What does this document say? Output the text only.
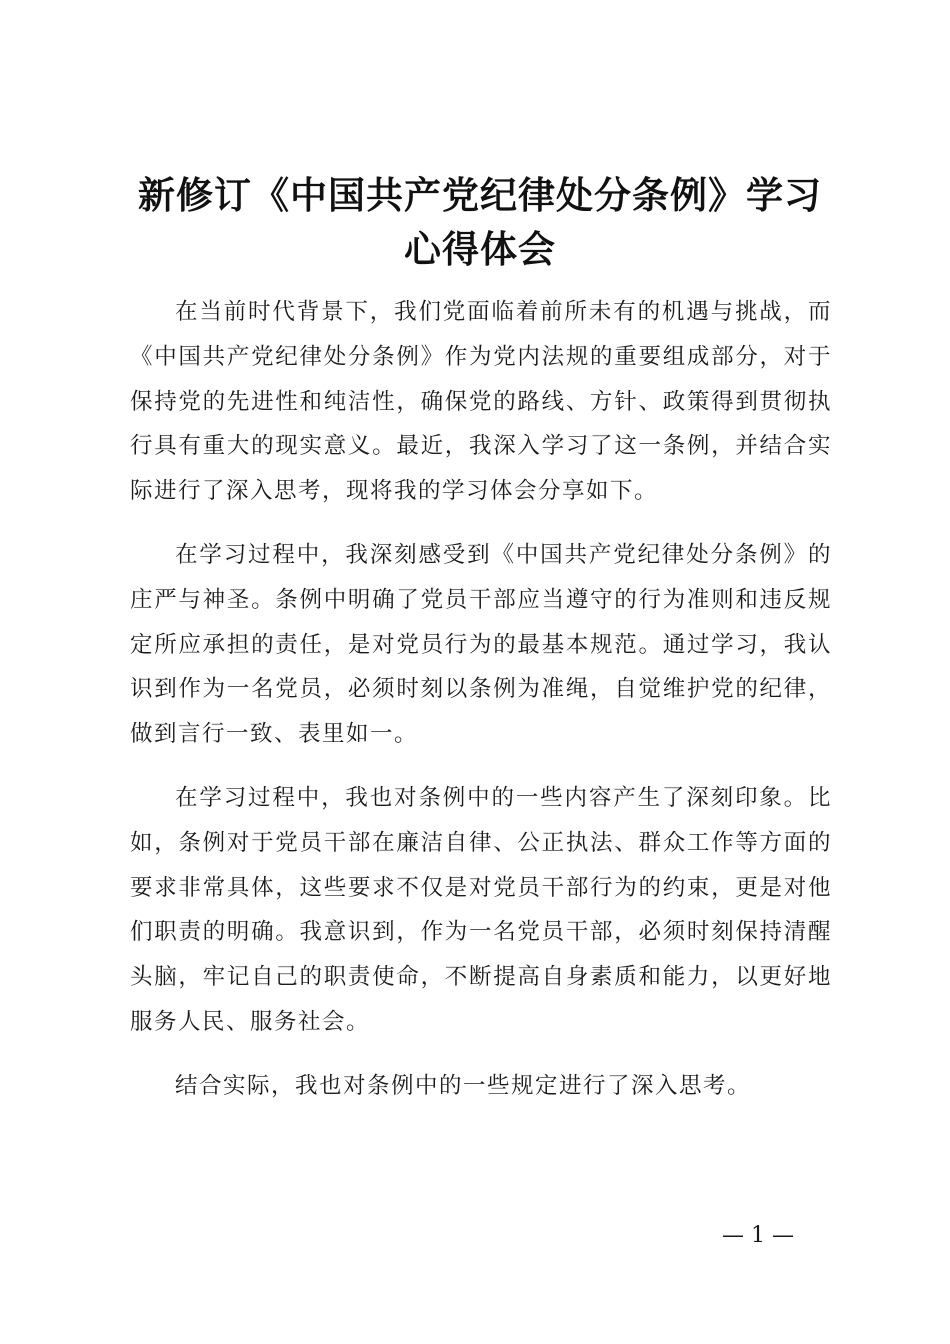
新修订《中国共产党纪律处分条例》学习心得体会

在当前时代背景下，我们党面临着前所未有的机遇与挑战，而《中国共产党纪律处分条例》作为党内法规的重要组成部分，对于保持党的先进性和纯洁性，确保党的路线、方针、政策得到贯彻执行具有重大的现实意义。最近，我深入学习了这一条例，并结合实际进行了深入思考，现将我的学习体会分享如下。

在学习过程中，我深刻感受到《中国共产党纪律处分条例》的庄严与神圣。条例中明确了党员干部应当遵守的行为准则和违反规定所应承担的责任，是对党员行为的最基本规范。通过学习，我认识到作为一名党员，必须时刻以条例为准绳，自觉维护党的纪律，做到言行一致、表里如一。

在学习过程中，我也对条例中的一些内容产生了深刻印象。比如，条例对于党员干部在廉洁自律、公正执法、群众工作等方面的要求非常具体，这些要求不仅是对党员干部行为的约束，更是对他们职责的明确。我意识到，作为一名党员干部，必须时刻保持清醒头脑，牢记自己的职责使命，不断提高自身素质和能力，以更好地服务人民、服务社会。

结合实际，我也对条例中的一些规定进行了深入思考。

— 1 —
